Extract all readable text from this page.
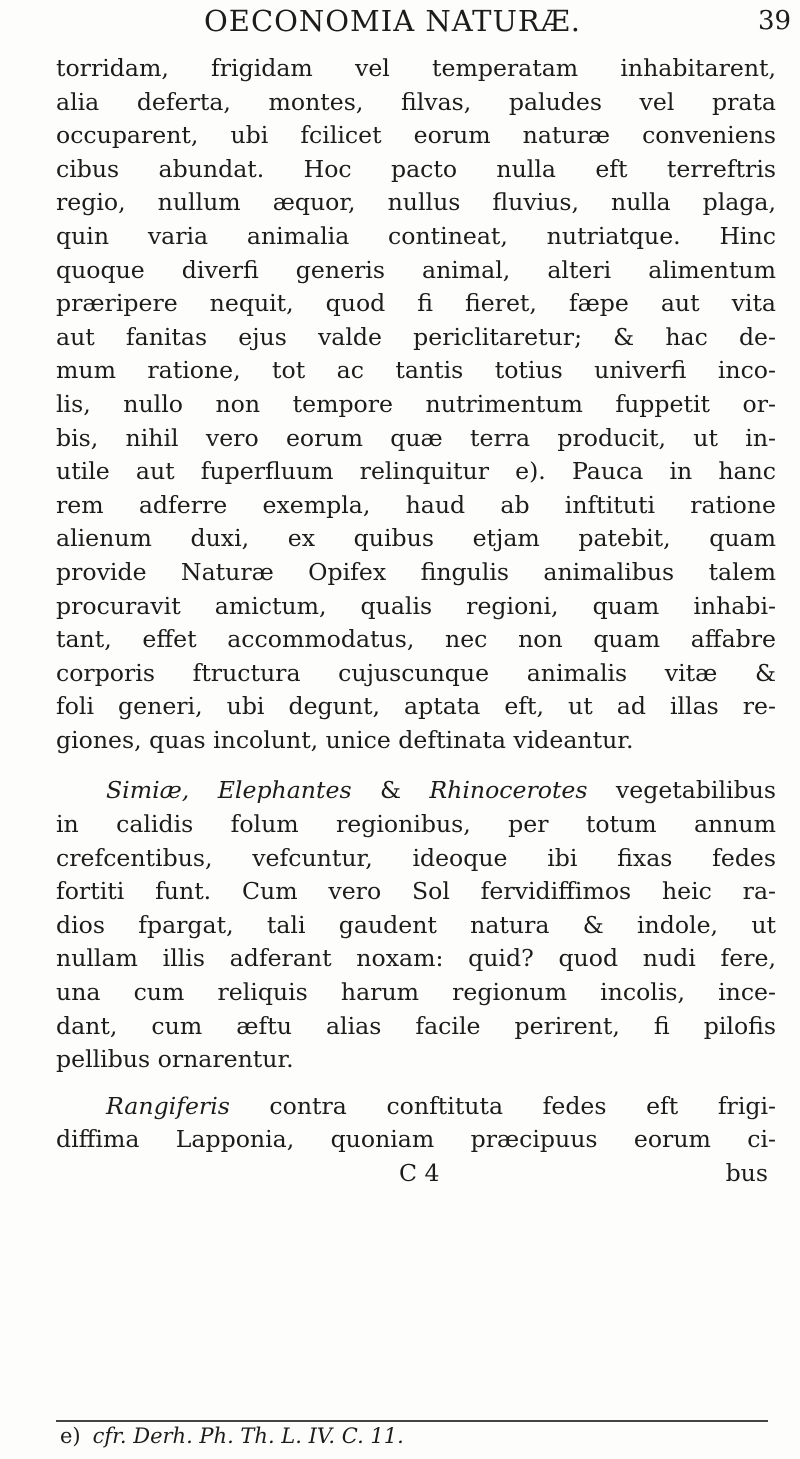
OECONOMIA NATURÆ.	39
torridam, frigidam vel temperatam inhabitarent,
alia deferta, montes, filvas, paludes vel prata
occuparent, ubi fcilicet eorum naturæ conveniens
cibus abundat. Hoc pacto nulla eft terreftris
regio, nullum æquor, nullus fluvius, nulla plaga,
quin varia animalia contineat, nutriatque. Hinc
quoque diverfi generis animal, alteri alimentum
præripere nequit, quod fi fieret, fæpe aut vita
aut fanitas ejus valde periclitaretur; & hac de-
mum ratione, tot ac tantis totius univerfi inco-
lis, nullo non tempore nutrimentum fuppetit or-
bis, nihil vero eorum quæ terra producit, ut in-
utile aut fuperfluum relinquitur e). Pauca in hanc
rem adferre exempla, haud ab inftituti ratione
alienum duxi, ex quibus etjam patebit, quam
provide Naturæ Opifex fingulis animalibus talem
procuravit amictum, qualis regioni, quam inhabi-
tant, effet accommodatus, nec non quam affabre
corporis ftructura cujuscunque animalis vitæ &
foli generi, ubi degunt, aptata eft, ut ad illas re-
giones, quas incolunt, unice deftinata videantur.
Simiæ, Elephantes & Rhinocerotes vegetabilibus
in calidis folum regionibus, per totum annum
crefcentibus, vefcuntur, ideoque ibi fixas fedes
fortiti funt. Cum vero Sol fervidiffimos heic ra-
dios fpargat, tali gaudent natura & indole, ut
nullam illis adferant noxam: quid? quod nudi fere,
una cum reliquis harum regionum incolis, ince-
dant, cum æftu alias facile perirent, fi pilofis
pellibus ornarentur.
Rangiferis contra conftituta fedes eft frigi-
diffima Lapponia, quoniam præcipuus eorum ci-
C 4	bus
e) cfr. Derh. Ph. Th. L. IV. C. 11.
